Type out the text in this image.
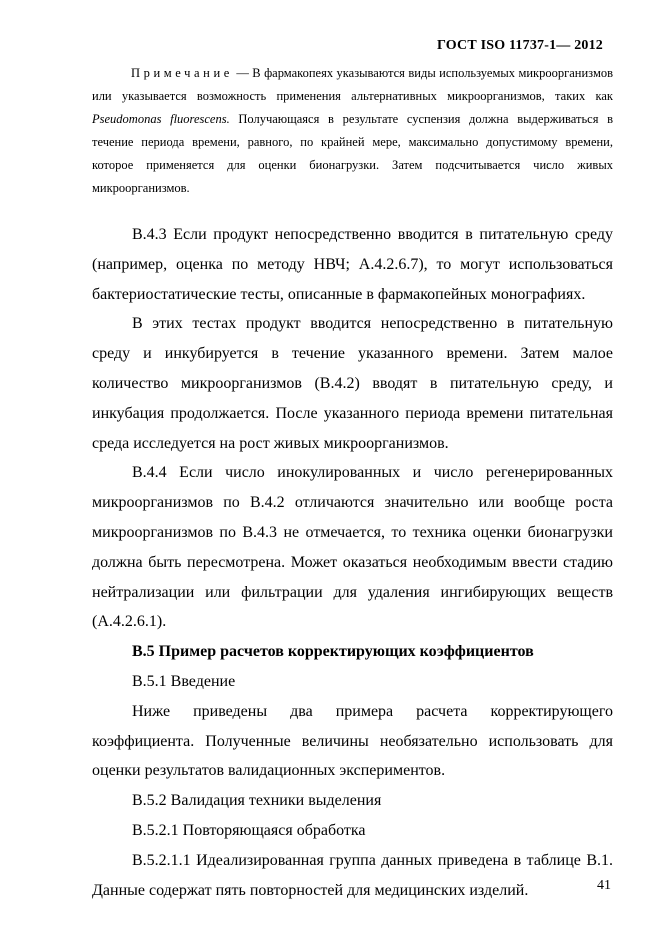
ГОСТ ISO 11737-1— 2012

Примечание — В фармакопеях указываются виды используемых микроорганизмов или указывается возможность применения альтернативных микроорганизмов, таких как Pseudomonas fluorescens. Получающаяся в результате суспензия должна выдерживаться в течение периода времени, равного, по крайней мере, максимально допустимому времени, которое применяется для оценки бионагрузки. Затем подсчитывается число живых микроорганизмов.

В.4.3 Если продукт непосредственно вводится в питательную среду (например, оценка по методу НВЧ; А.4.2.6.7), то могут использоваться бактериостатические тесты, описанные в фармакопейных монографиях.

В этих тестах продукт вводится непосредственно в питательную среду и инкубируется в течение указанного времени. Затем малое количество микроорганизмов (В.4.2) вводят в питательную среду, и инкубация продолжается. После указанного периода времени питательная среда исследуется на рост живых микроорганизмов.

В.4.4 Если число инокулированных и число регенерированных микроорганизмов по В.4.2 отличаются значительно или вообще роста микроорганизмов по В.4.3 не отмечается, то техника оценки бионагрузки должна быть пересмотрена. Может оказаться необходимым ввести стадию нейтрализации или фильтрации для удаления ингибирующих веществ (А.4.2.6.1).

В.5 Пример расчетов корректирующих коэффициентов

В.5.1 Введение

Ниже приведены два примера расчета корректирующего коэффициента. Полученные величины необязательно использовать для оценки результатов валидационных экспериментов.

В.5.2 Валидация техники выделения

В.5.2.1 Повторяющаяся обработка

В.5.2.1.1 Идеализированная группа данных приведена в таблице В.1. Данные содержат пять повторностей для медицинских изделий.	41
